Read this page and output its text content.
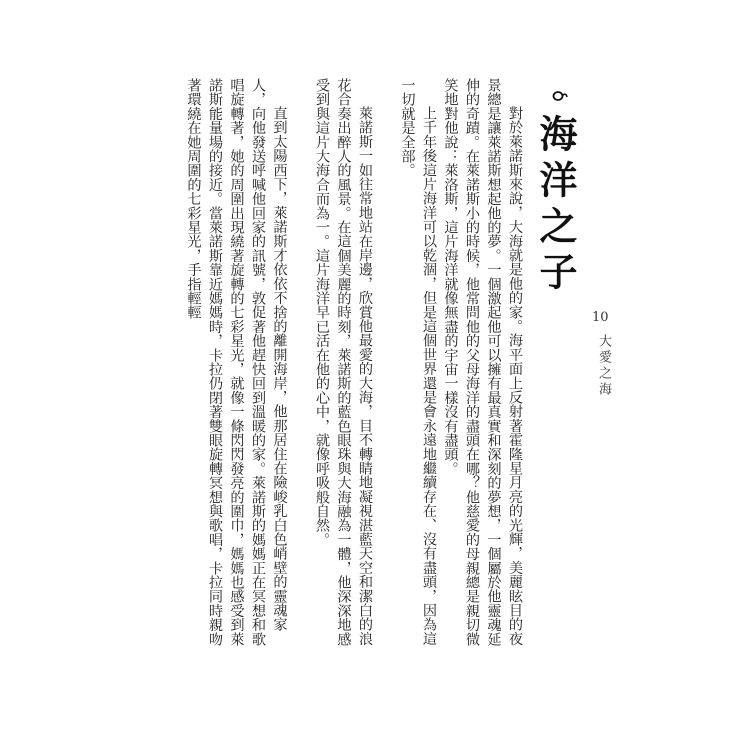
海洋之子
10
大愛之海

對於萊諾斯來說，大海就是他的家。海平面上反射著霍隆星月亮的光輝，美麗眩目的夜景總是讓萊諾斯想起他的夢。一個激起他可以擁有最真實和深刻的夢想，一個屬於他靈魂延伸的奇蹟。在萊諾斯小的時候，他常問他的父母海洋的盡頭在哪？他慈愛的母親總是親切微笑地對他說：萊洛斯，這片海洋就像無盡的宇宙一樣沒有盡頭。

上千年後這片海洋可以乾涸，但是這個世界還是會永遠地繼續存在、沒有盡頭，因為這一切就是全部。

萊諾斯一如往常地站在岸邊，欣賞他最愛的大海，目不轉睛地凝視湛藍天空和潔白的浪花合奏出醉人的風景。在這個美麗的時刻，萊諾斯的藍色眼珠與大海融為一體，他深深地感受到與這片大海合而為一。這片海洋早已活在他的心中，就像呼吸般自然。

直到太陽西下，萊諾斯才依依不捨的離開海岸，他那居住在險峻乳白色峭壁的靈魂家人，向他發送呼喊他回家的訊號，敦促著他趕快回到溫暖的家。萊諾斯的媽媽正在冥想和歌唱旋轉著，她的周圍出現繞著旋轉的七彩星光，就像一條閃閃發亮的圍巾，媽媽也感受到萊諾斯能量場的接近。當萊諾斯靠近媽媽時，卡拉仍閉著雙眼旋轉冥想與歌唱，卡拉同時親吻著環繞在她周圍的七彩星光，手指輕輕
